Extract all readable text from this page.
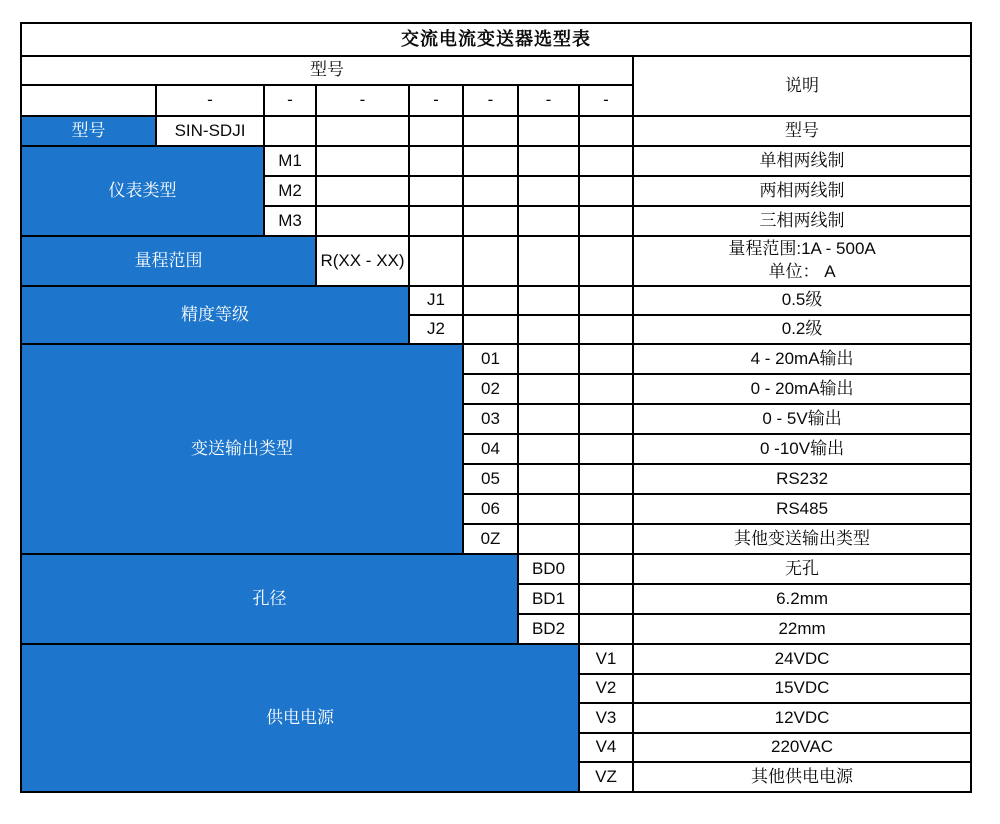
交流电流变送器选型表								
型号								说明
	-	-	-	-	-	-	-	
型号	SIN-SDJI							型号
仪表类型		M1						单相两线制
		M2						两相两线制
		M3						三相两线制
量程范围			R(XX - XX)					量程范围:1A - 500A
单位： A

精度等级				J1				0.5级
				J2				0.2级
变送输出类型					01			4 - 20mA输出
					02			0 - 20mA输出
					03			0 - 5V输出
					04			0 -10V输出
					05			RS232
					06			RS485
					0Z			其他变送输出类型
孔径						BD0		无孔
						BD1		6.2mm
						BD2		22mm
供电电源							V1	24VDC
							V2	15VDC
							V3	12VDC
							V4	220VAC
							VZ	其他供电电源
